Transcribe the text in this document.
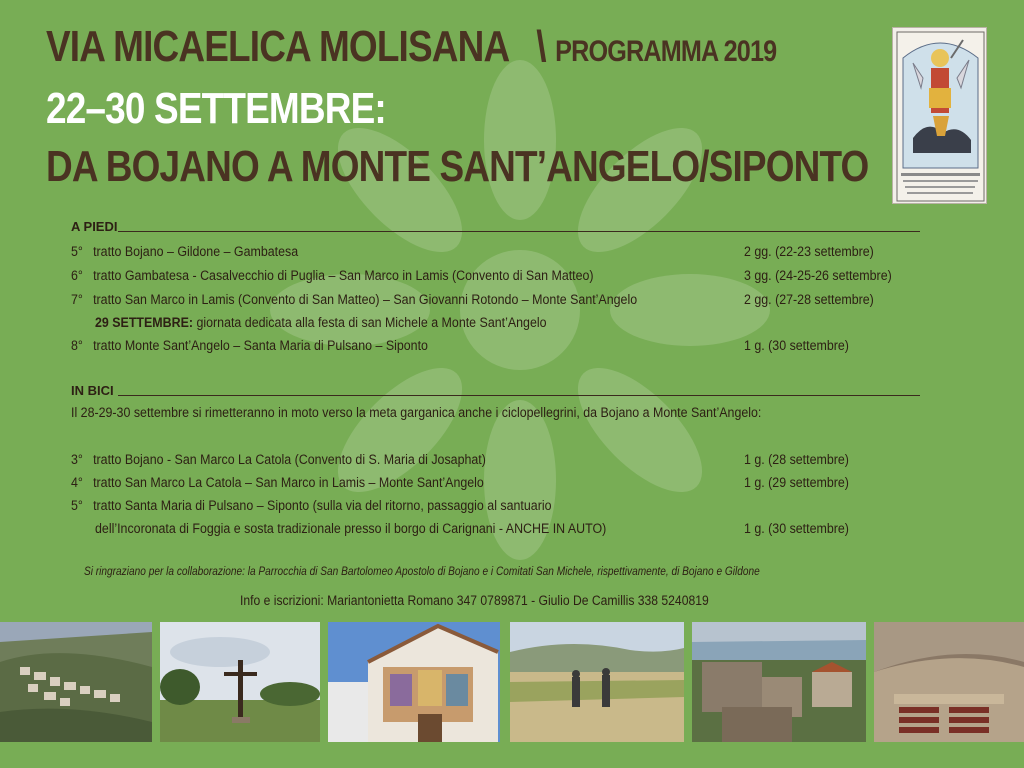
VIA MICAELICA MOLISANA \ PROGRAMMA 2019
22–30 SETTEMBRE:
DA BOJANO A MONTE SANT’ANGELO/SIPONTO
A PIEDI
5° tratto Bojano – Gildone – Gambatesa	2 gg. (22-23 settembre)
6° tratto Gambatesa - Casalvecchio di Puglia – San Marco in Lamis (Convento di San Matteo)	3 gg. (24-25-26 settembre)
7° tratto San Marco in Lamis (Convento di San Matteo) – San Giovanni Rotondo – Monte Sant’Angelo	2 gg. (27-28 settembre)
29 SETTEMBRE: giornata dedicata alla festa di san Michele a Monte Sant’Angelo
8° tratto Monte Sant’Angelo – Santa Maria di Pulsano – Siponto	1 g. (30 settembre)
IN BICI
Il 28-29-30 settembre si rimetteranno in moto verso la meta garganica anche i ciclopellegrini, da Bojano a Monte Sant’Angelo:
3° tratto Bojano - San Marco La Catola (Convento di S. Maria di Josaphat)	1 g. (28 settembre)
4° tratto San Marco La Catola – San Marco in Lamis – Monte Sant’Angelo	1 g. (29 settembre)
5° tratto Santa Maria di Pulsano – Siponto (sulla via del ritorno, passaggio al santuario
dell’Incoronata di Foggia e sosta tradizionale presso il borgo di Carignani - ANCHE IN AUTO)	1 g. (30 settembre)
Si ringraziano per la collaborazione: la Parrocchia di San Bartolomeo Apostolo di Bojano e i Comitati San Michele, rispettivamente, di Bojano e Gildone
Info e iscrizioni: Mariantonietta Romano 347 0789871 - Giulio De Camillis 338 5240819
